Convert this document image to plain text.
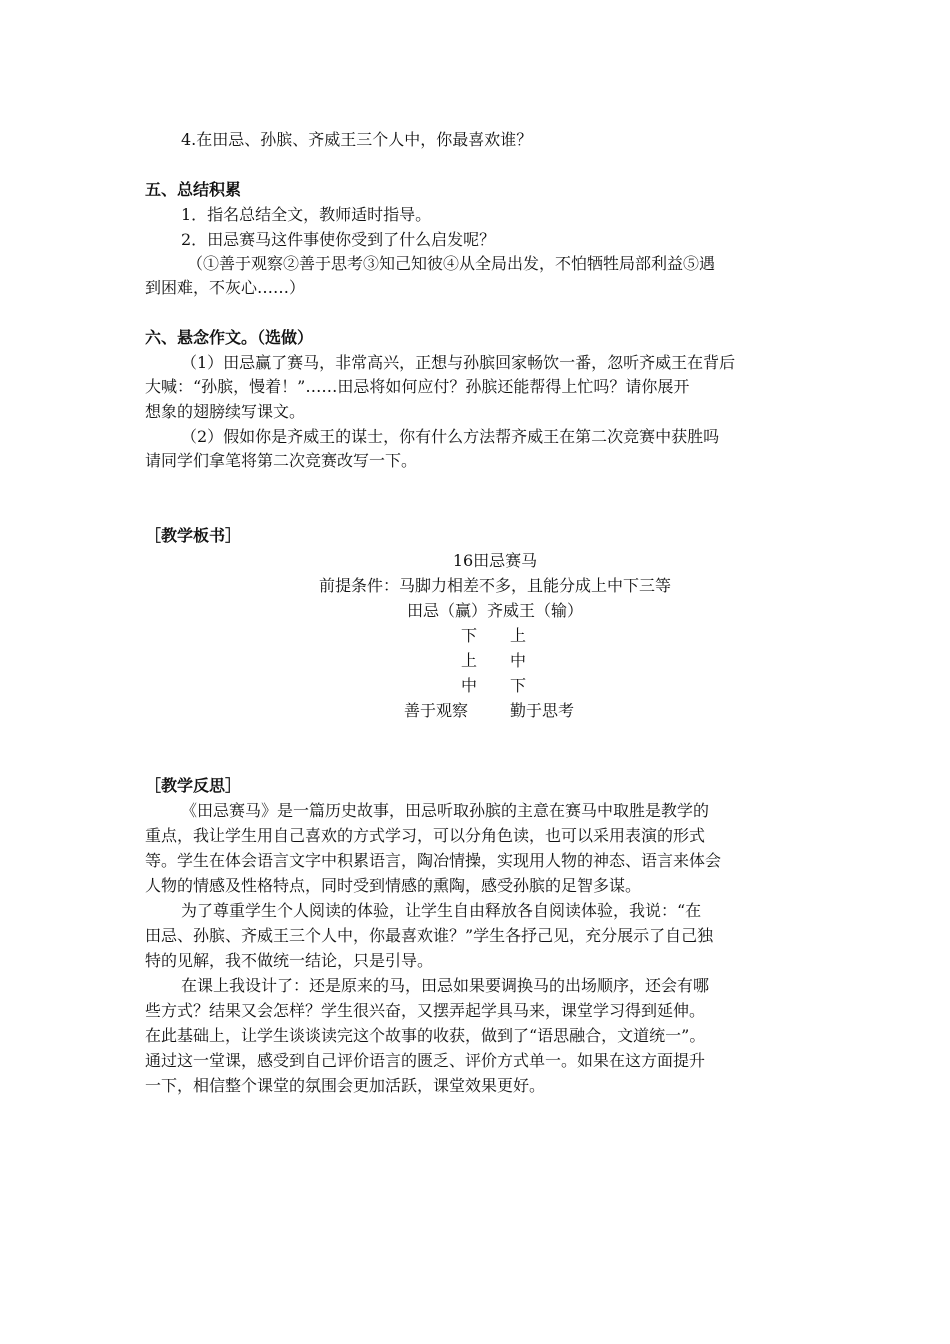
4.在田忌、孙膑、齐威王三个人中，你最喜欢谁？
五、总结积累
1．指名总结全文，教师适时指导。
2．田忌赛马这件事使你受到了什么启发呢？
（①善于观察②善于思考③知己知彼④从全局出发，不怕牺牲局部利益⑤遇
到困难，不灰心……）
六、悬念作文。（选做）
（1）田忌赢了赛马，非常高兴，正想与孙膑回家畅饮一番，忽听齐威王在背后
大喊：“孙膑，慢着！”……田忌将如何应付？孙膑还能帮得上忙吗？请你展开
想象的翅膀续写课文。
（2）假如你是齐威王的谋士，你有什么方法帮齐威王在第二次竞赛中获胜吗
请同学们拿笔将第二次竞赛改写一下。
［教学板书］
16田忌赛马
前提条件：马脚力相差不多，且能分成上中下三等
田忌（赢）齐威王（输）
下 上
上 中
中 下
善于观察	勤于思考
［教学反思］
《田忌赛马》是一篇历史故事，田忌听取孙膑的主意在赛马中取胜是教学的
重点，我让学生用自己喜欢的方式学习，可以分角色读，也可以采用表演的形式
等。学生在体会语言文字中积累语言，陶冶情操，实现用人物的神态、语言来体会
人物的情感及性格特点，同时受到情感的熏陶，感受孙膑的足智多谋。
为了尊重学生个人阅读的体验，让学生自由释放各自阅读体验，我说：“在
田忌、孙膑、齐威王三个人中，你最喜欢谁？”学生各抒己见，充分展示了自己独
特的见解，我不做统一结论，只是引导。
在课上我设计了：还是原来的马，田忌如果要调换马的出场顺序，还会有哪
些方式？结果又会怎样？学生很兴奋，又摆弄起学具马来，课堂学习得到延伸。
在此基础上，让学生谈谈读完这个故事的收获，做到了“语思融合，文道统一”。
通过这一堂课，感受到自己评价语言的匮乏、评价方式单一。如果在这方面提升
一下，相信整个课堂的氛围会更加活跃，课堂效果更好。
